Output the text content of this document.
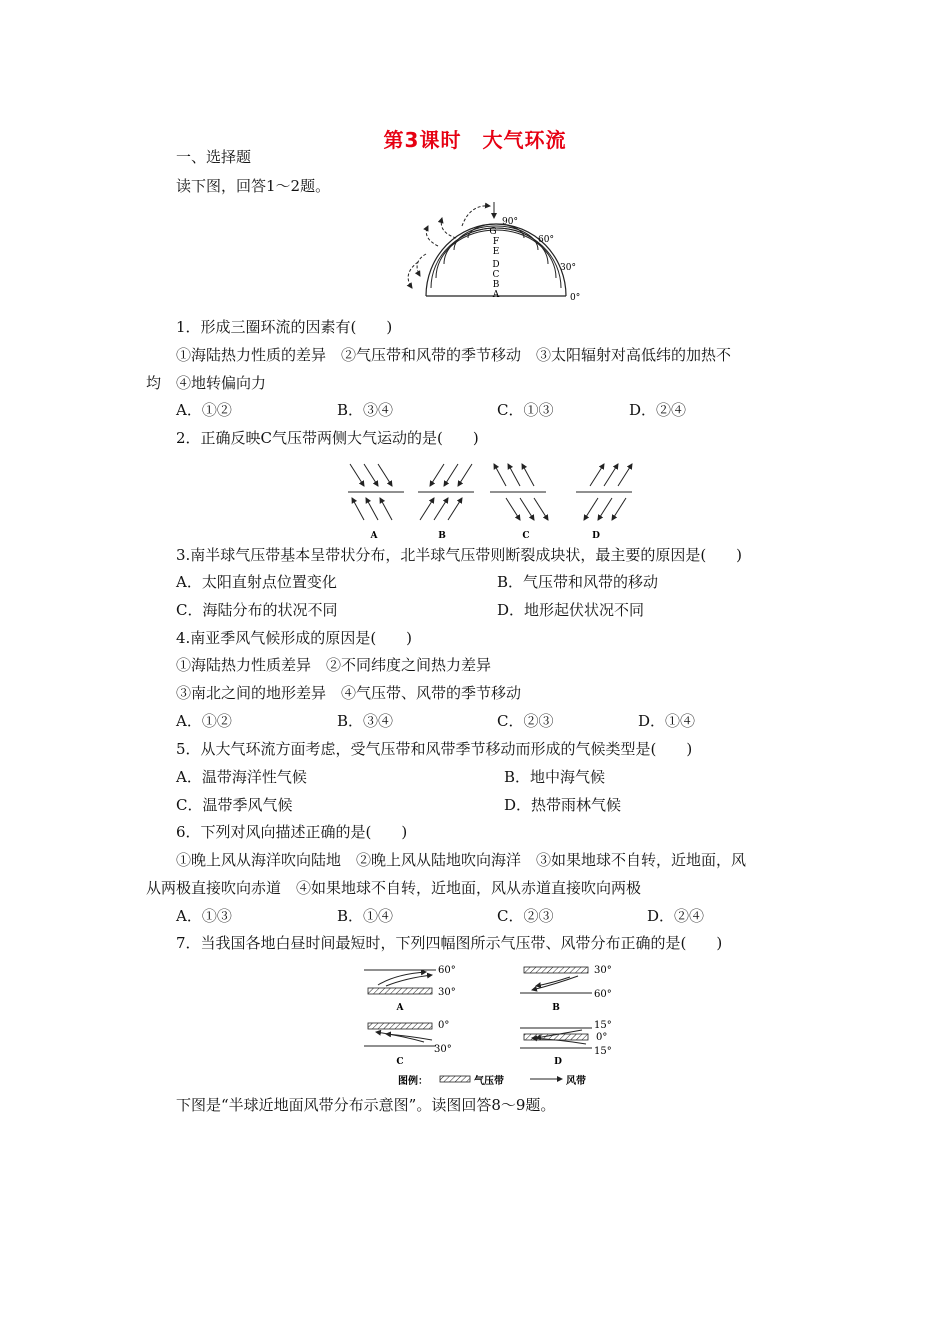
第3课时　大气环流
一、选择题
读下图，回答1～2题。
G
F
E
D
C
B
A
90°
60°
30°
0°
1．形成三圈环流的因素有(　　)
①海陆热力性质的差异　②气压带和风带的季节移动　③太阳辐射对高低纬的加热不
均　④地转偏向力
A．①②	B．③④	C．①③	D．②④
2．正确反映C气压带两侧大气运动的是(　　)
A	B	C	D
3.南半球气压带基本呈带状分布，北半球气压带则断裂成块状，最主要的原因是(　　)
A．太阳直射点位置变化	B．气压带和风带的移动
C．海陆分布的状况不同	D．地形起伏状况不同
4.南亚季风气候形成的原因是(　　)
①海陆热力性质差异　②不同纬度之间热力差异
③南北之间的地形差异　④气压带、风带的季节移动
A．①②	B．③④	C．②③	D．①④
5．从大气环流方面考虑，受气压带和风带季节移动而形成的气候类型是(　　)
A．温带海洋性气候	B．地中海气候
C．温带季风气候	D．热带雨林气候
6．下列对风向描述正确的是(　　)
①晚上风从海洋吹向陆地　②晚上风从陆地吹向海洋　③如果地球不自转，近地面，风
从两极直接吹向赤道　④如果地球不自转，近地面，风从赤道直接吹向两极
A．①③	B．①④	C．②③	D．②④
7．当我国各地白昼时间最短时，下列四幅图所示气压带、风带分布正确的是(　　)
60°
30°
A
30°
60°
B
0°
30°
C
15°
0°
15°
D
图例：	气压带	风带
下图是“半球近地面风带分布示意图”。读图回答8～9题。
